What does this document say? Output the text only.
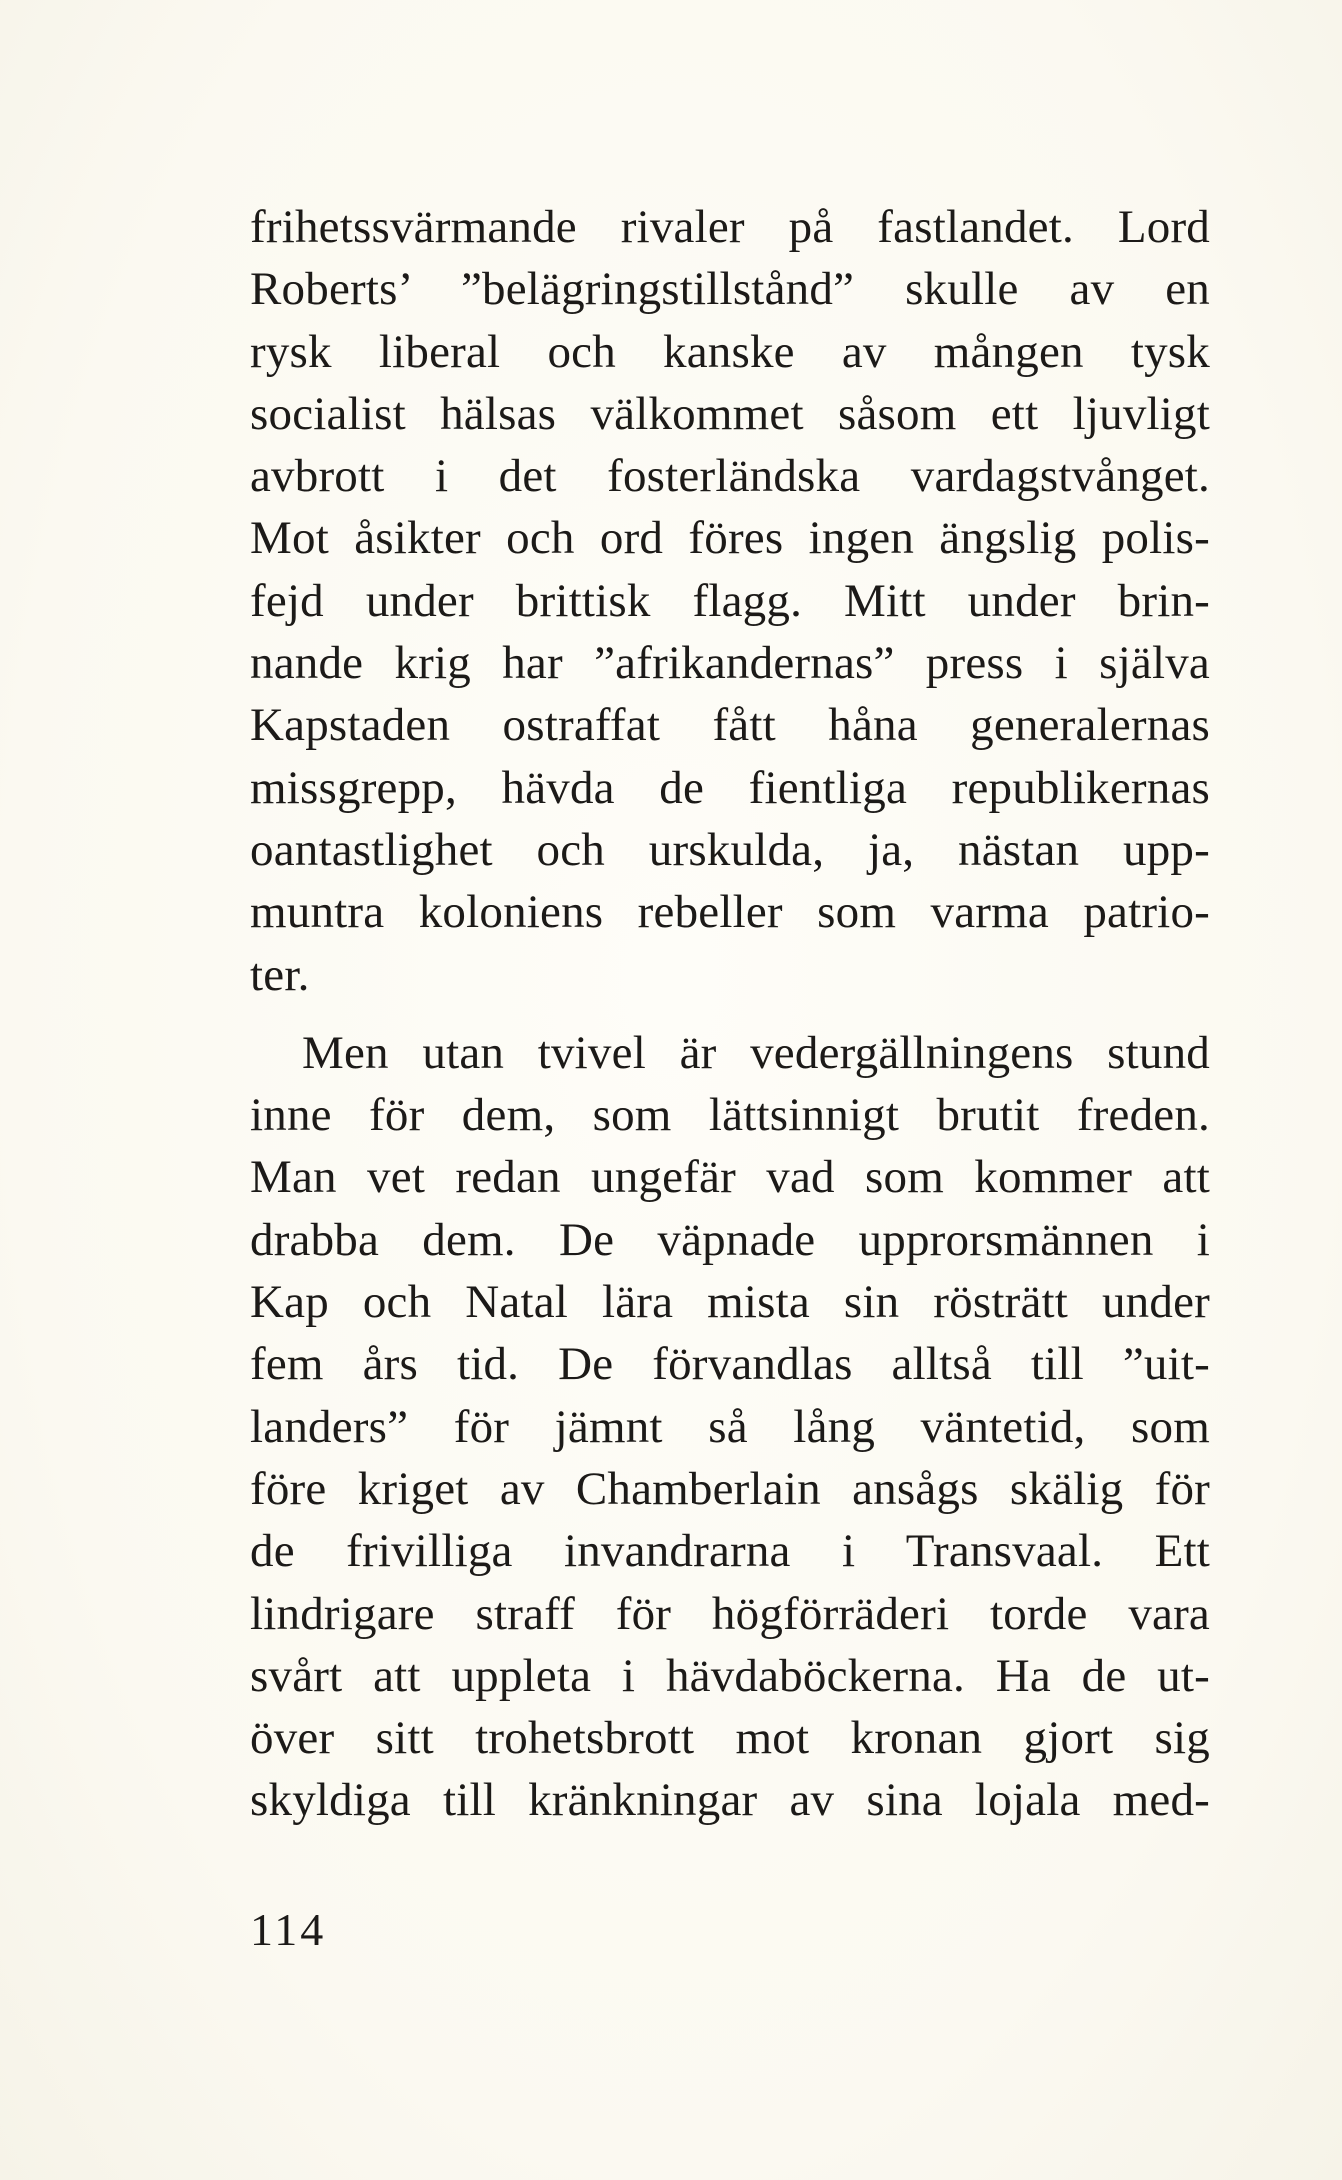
frihetssvärmande rivaler på fastlandet. Lord
Roberts’ ”belägringstillstånd” skulle av en
rysk liberal och kanske av mången tysk
socialist hälsas välkommet såsom ett ljuvligt
avbrott i det fosterländska vardagstvånget.
Mot åsikter och ord föres ingen ängslig polis-
fejd under brittisk flagg. Mitt under brin-
nande krig har ”afrikandernas” press i själva
Kapstaden ostraffat fått håna generalernas
missgrepp, hävda de fientliga republikernas
oantastlighet och urskulda, ja, nästan upp-
muntra koloniens rebeller som varma patrio-
ter.
Men utan tvivel är vedergällningens stund
inne för dem, som lättsinnigt brutit freden.
Man vet redan ungefär vad som kommer att
drabba dem. De väpnade upprorsmännen i
Kap och Natal lära mista sin rösträtt under
fem års tid. De förvandlas alltså till ”uit-
landers” för jämnt så lång väntetid, som
före kriget av Chamberlain ansågs skälig för
de frivilliga invandrarna i Transvaal. Ett
lindrigare straff för högförräderi torde vara
svårt att uppleta i hävdaböckerna. Ha de ut-
över sitt trohetsbrott mot kronan gjort sig
skyldiga till kränkningar av sina lojala med-
114
